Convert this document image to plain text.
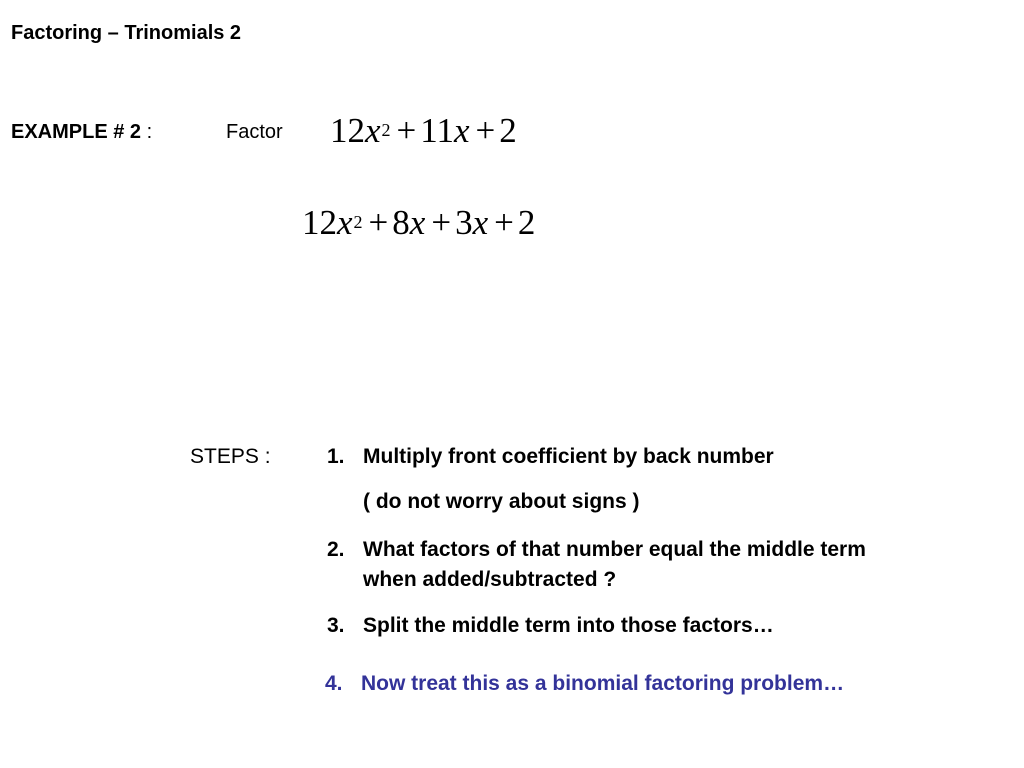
Factoring – Trinomials 2
EXAMPLE # 2 :	Factor $12x^2 + 11x + 2$
$12x^2 + 8x + 3x + 2$
STEPS :	1. Multiply front coefficient by back number
( do not worry about signs )
2. What factors of that number equal the middle term
when added/subtracted ?
3. Split the middle term into those factors…
4. Now treat this as a binomial factoring problem…
